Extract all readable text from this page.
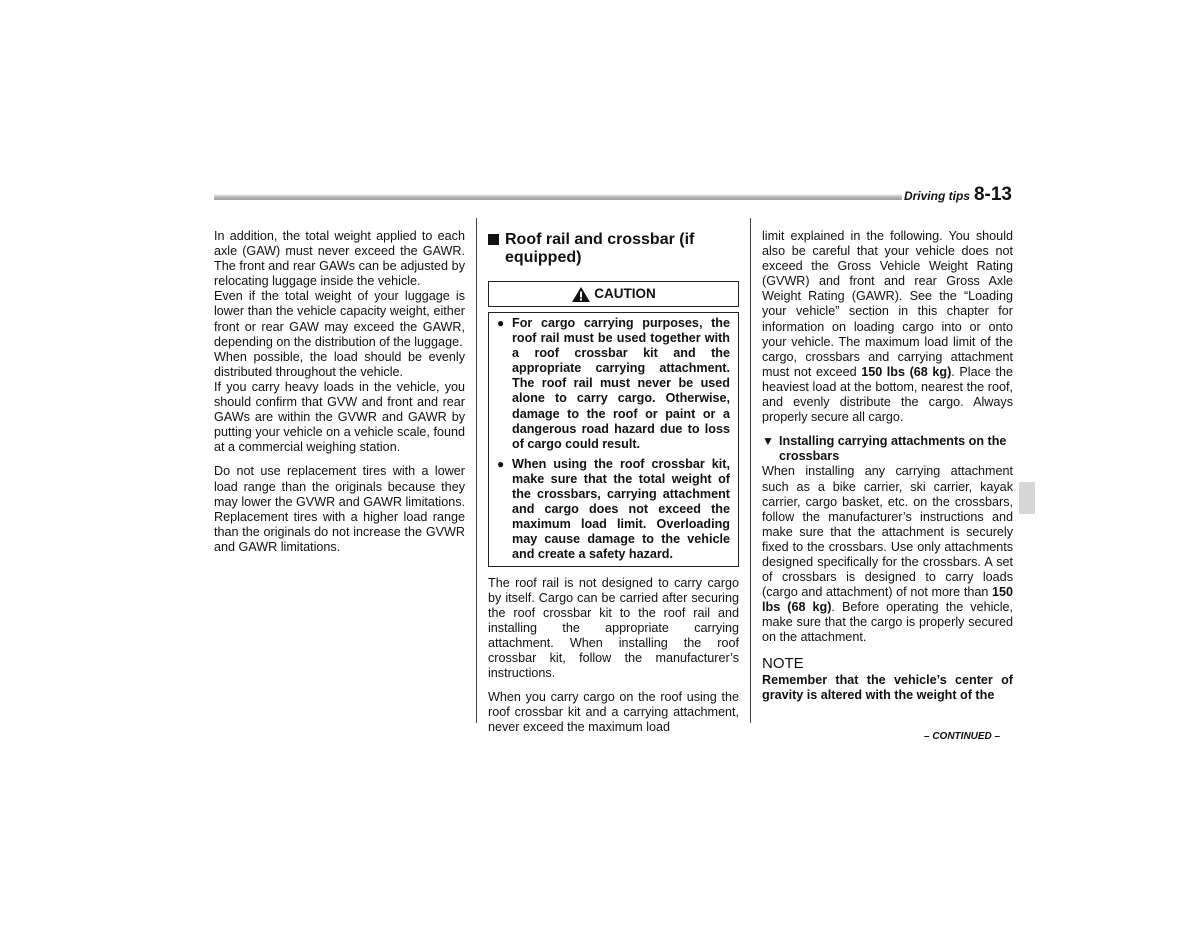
Driving tips 8-13

In addition, the total weight applied to each axle (GAW) must never exceed the GAWR. The front and rear GAWs can be adjusted by relocating luggage inside the vehicle.

Even if the total weight of your luggage is lower than the vehicle capacity weight, either front or rear GAW may exceed the GAWR, depending on the distribution of the luggage.

When possible, the load should be evenly distributed throughout the vehicle.

If you carry heavy loads in the vehicle, you should confirm that GVW and front and rear GAWs are within the GVWR and GAWR by putting your vehicle on a vehicle scale, found at a commercial weighing station.

Do not use replacement tires with a lower load range than the originals because they may lower the GVWR and GAWR limitations. Replacement tires with a higher load range than the originals do not increase the GVWR and GAWR limitations.

Roof rail and crossbar (if equipped)
CAUTION
● For cargo carrying purposes, the roof rail must be used together with a roof crossbar kit and the appropriate carrying attachment. The roof rail must never be used alone to carry cargo. Otherwise, damage to the roof or paint or a dangerous road hazard due to loss of cargo could result.
● When using the roof crossbar kit, make sure that the total weight of the crossbars, carrying attachment and cargo does not exceed the maximum load limit. Overloading may cause damage to the vehicle and create a safety hazard.

The roof rail is not designed to carry cargo by itself. Cargo can be carried after securing the roof crossbar kit to the roof rail and installing the appropriate carrying attachment. When installing the roof crossbar kit, follow the manufacturer’s instructions.

When you carry cargo on the roof using the roof crossbar kit and a carrying attachment, never exceed the maximum load

limit explained in the following. You should also be careful that your vehicle does not exceed the Gross Vehicle Weight Rating (GVWR) and front and rear Gross Axle Weight Rating (GAWR). See the “Loading your vehicle” section in this chapter for information on loading cargo into or onto your vehicle. The maximum load limit of the cargo, crossbars and carrying attachment must not exceed 150 lbs (68 kg). Place the heaviest load at the bottom, nearest the roof, and evenly distribute the cargo. Always properly secure all cargo.

▼ Installing carrying attachments on the crossbars

When installing any carrying attachment such as a bike carrier, ski carrier, kayak carrier, cargo basket, etc. on the crossbars, follow the manufacturer’s instructions and make sure that the attachment is securely fixed to the crossbars. Use only attachments designed specifically for the crossbars. A set of crossbars is designed to carry loads (cargo and attachment) of not more than 150 lbs (68 kg). Before operating the vehicle, make sure that the cargo is properly secured on the attachment.

NOTE

Remember that the vehicle’s center of gravity is altered with the weight of the

– CONTINUED –
